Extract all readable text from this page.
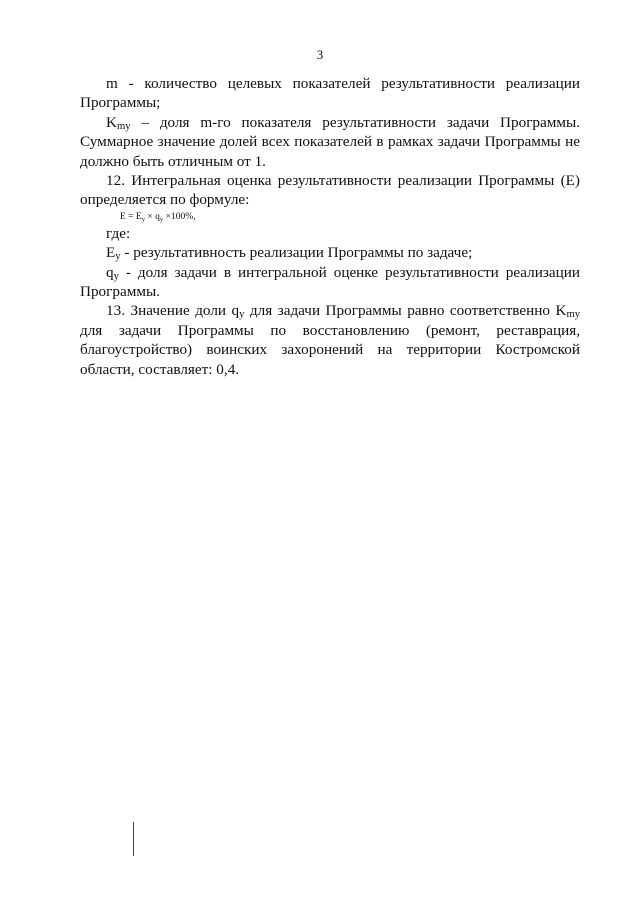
3

m - количество целевых показателей результативности реализации Программы;

$K_{my}$ – доля m-го показателя результативности задачи Программы. Суммарное значение долей всех показателей в рамках задачи Программы не должно быть отличным от 1.

12. Интегральная оценка результативности реализации Программы (E) определяется по формуле:

$E = E_y \times q_y \times 100\%$,

где:

$E_y$ - результативность реализации Программы по задаче;

$q_y$ - доля задачи в интегральной оценке результативности реализации Программы.

13. Значение доли $q_y$ для задачи Программы равно соответственно $K_{my}$ для задачи Программы по восстановлению (ремонт, реставрация, благоустройство) воинских захоронений на территории Костромской области, составляет: 0,4.
